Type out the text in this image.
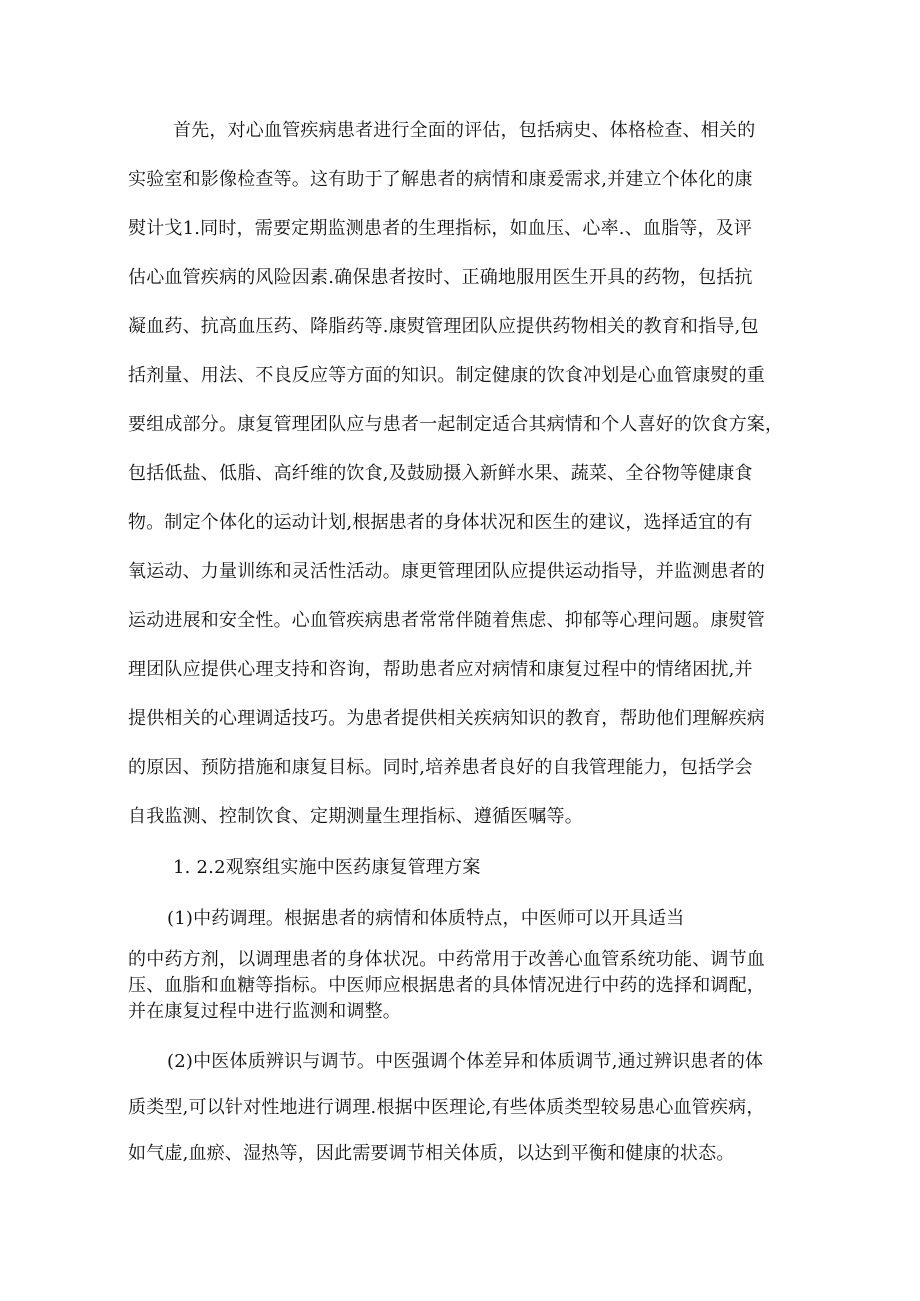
首先，对心血管疾病患者进行全面的评估，包括病史、体格检查、相关的
实验室和影像检查等。这有助于了解患者的病情和康爰需求,并建立个体化的康
熨计戈1.同时，需要定期监测患者的生理指标，如血压、心率.、血脂等，及评
估心血管疾病的风险因素.确保患者按时、正确地服用医生开具的药物，包括抗
凝血药、抗高血压药、降脂药等.康熨管理团队应提供药物相关的教育和指导,包
括剂量、用法、不良反应等方面的知识。制定健康的饮食冲划是心血管康熨的重
要组成部分。康复管理团队应与患者一起制定适合其病情和个人喜好的饮食方案，
包括低盐、低脂、高纤维的饮食,及鼓励摄入新鲜水果、蔬菜、全谷物等健康食
物。制定个体化的运动计划,根据患者的身体状况和医生的建议，选择适宜的有
氧运动、力量训练和灵活性活动。康更管理团队应提供运动指导，并监测患者的
运动进展和安全性。心血管疾病患者常常伴随着焦虑、抑郁等心理问题。康熨管
理团队应提供心理支持和咨询，帮助患者应对病情和康复过程中的情绪困扰,并
提供相关的心理调适技巧。为患者提供相关疾病知识的教育，帮助他们理解疾病
的原因、预防措施和康复目标。同时,培养患者良好的自我管理能力，包括学会
自我监测、控制饮食、定期测量生理指标、遵循医嘱等。
1. 2.2观察组实施中医药康复管理方案
(1)中药调理。根据患者的病情和体质特点，中医师可以开具适当
的中药方剂，以调理患者的身体状况。中药常用于改善心血管系统功能、调节血
压、血脂和血糖等指标。中医师应根据患者的具体情况进行中药的选择和调配，
并在康复过程中进行监测和调整。
(2)中医体质辨识与调节。中医强调个体差异和体质调节,通过辨识患者的体
质类型,可以针对性地进行调理.根据中医理论,有些体质类型较易患心血管疾病，
如气虚,血瘀、湿热等，因此需要调节相关体质，以达到平衡和健康的状态。
